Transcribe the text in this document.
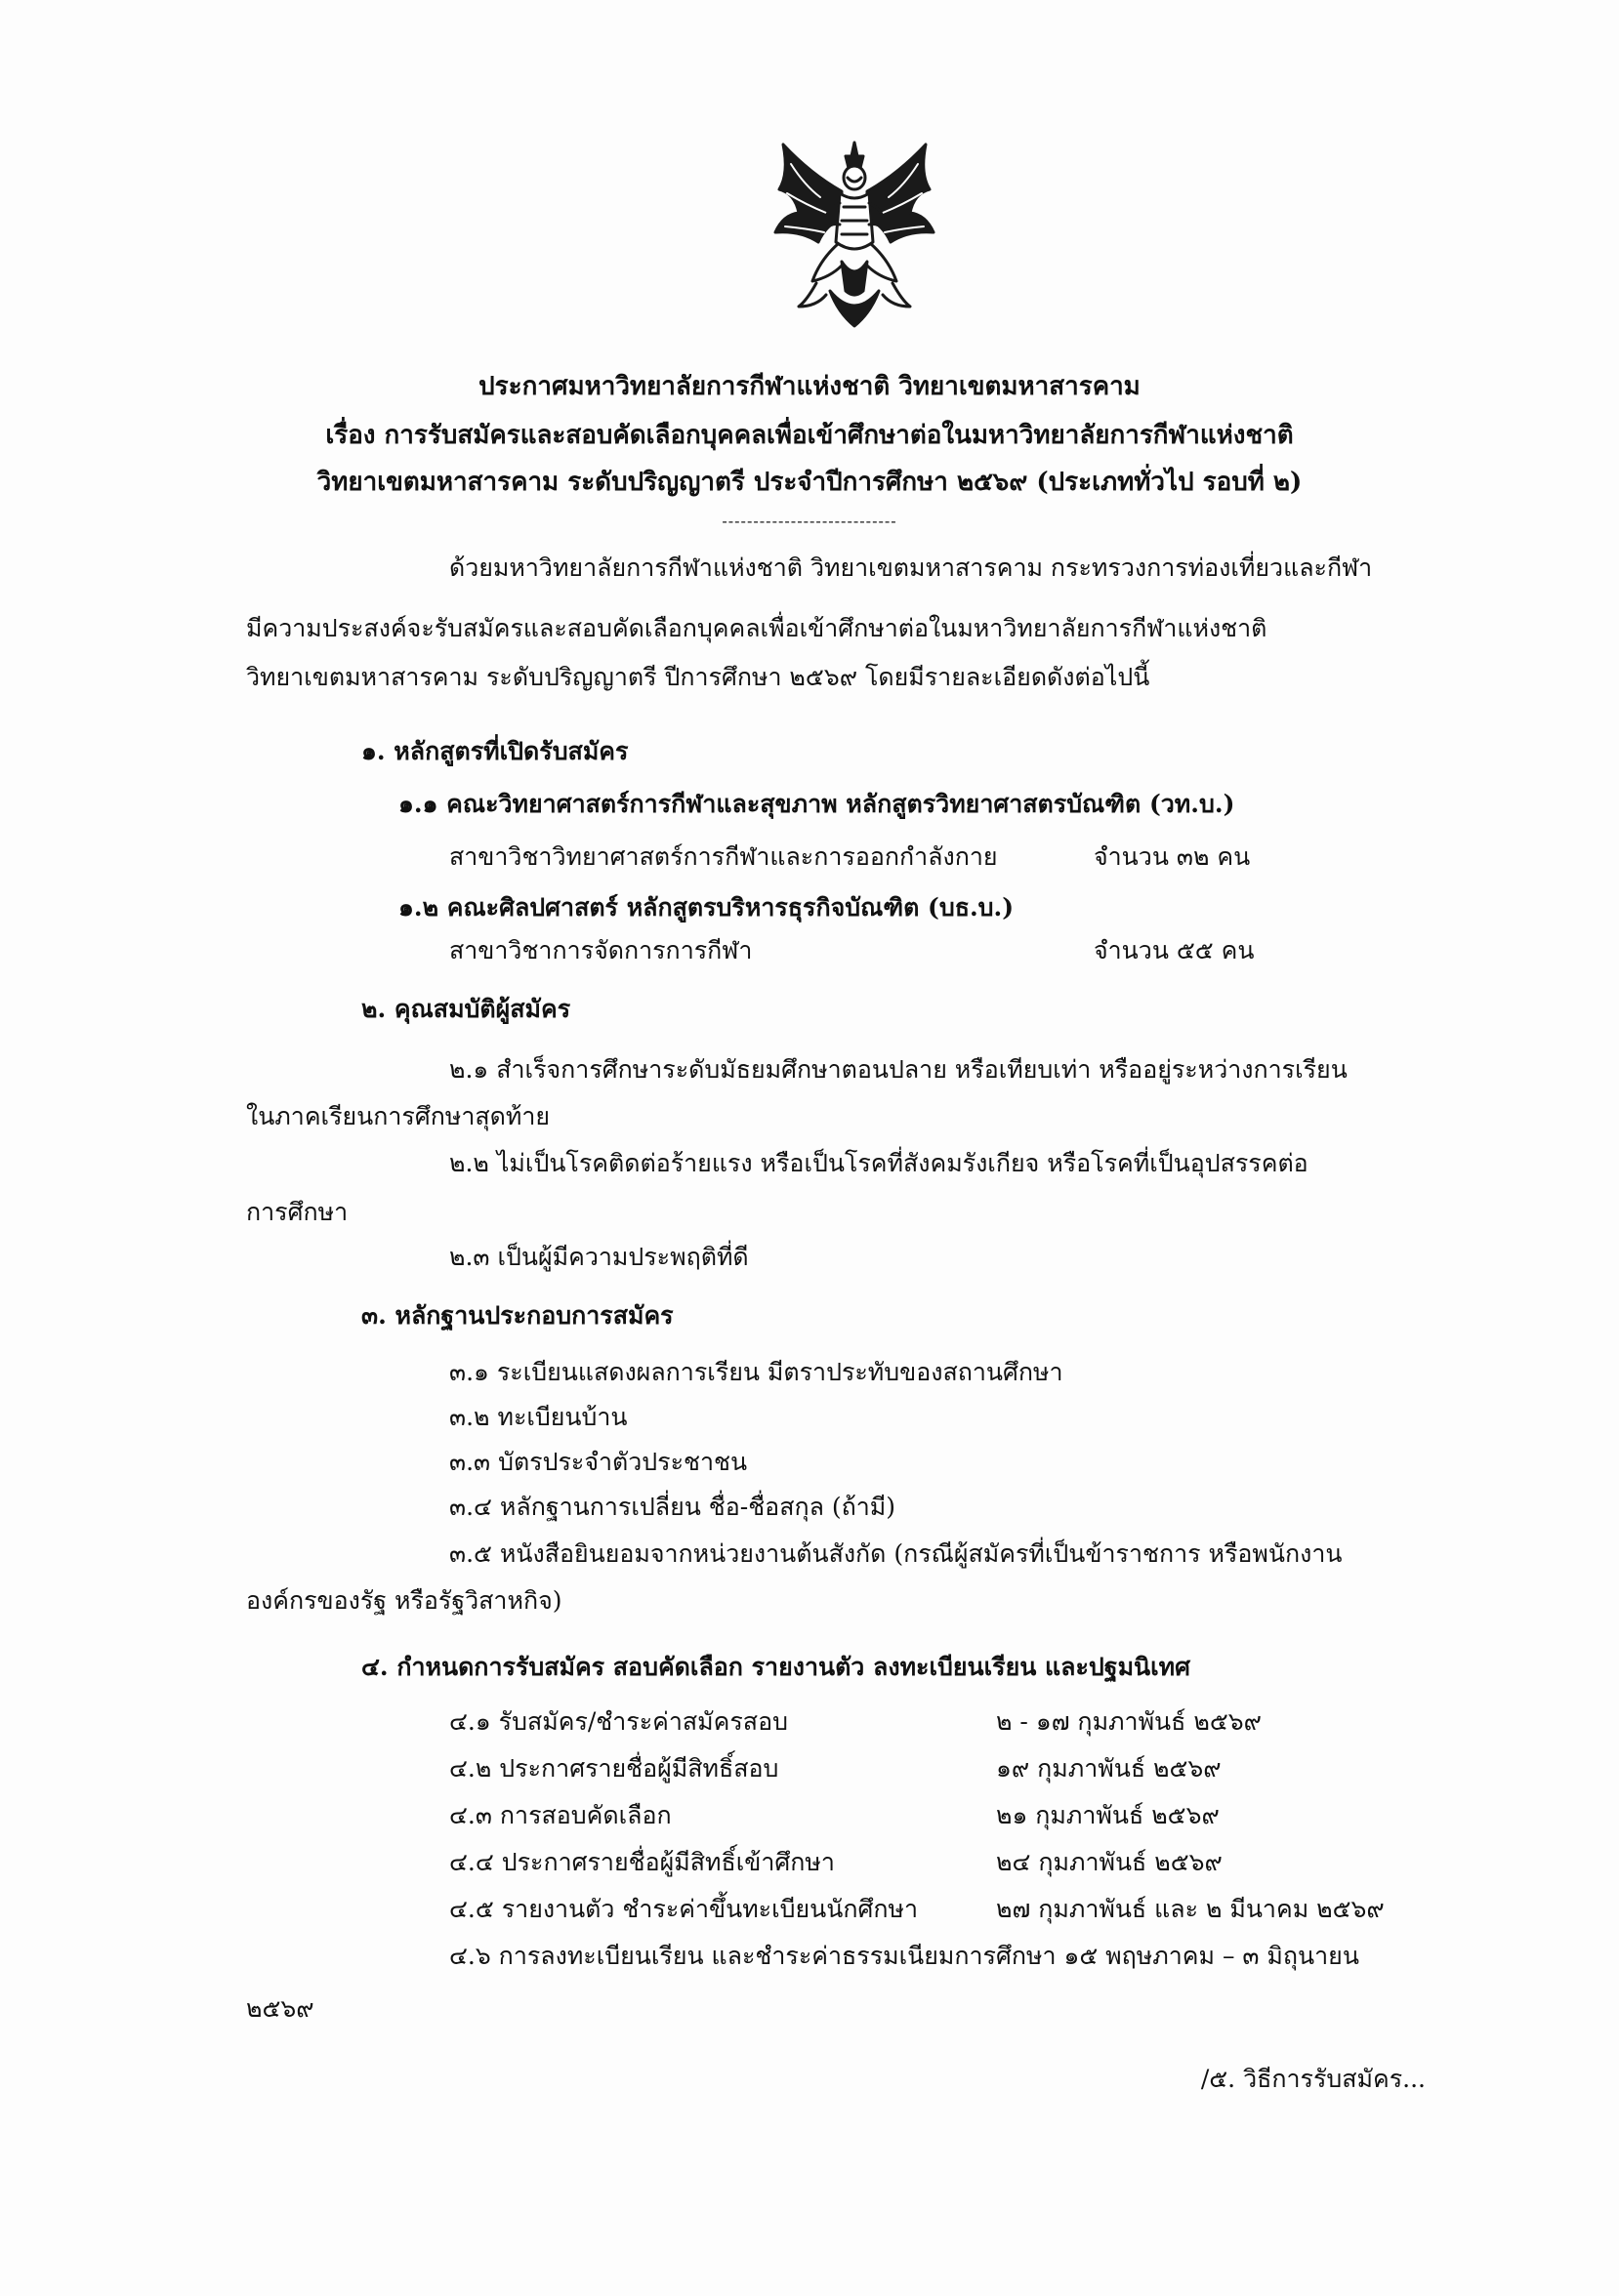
ประกาศมหาวิทยาลัยการกีฬาแห่งชาติ วิทยาเขตมหาสารคาม
เรื่อง การรับสมัครและสอบคัดเลือกบุคคลเพื่อเข้าศึกษาต่อในมหาวิทยาลัยการกีฬาแห่งชาติ
วิทยาเขตมหาสารคาม ระดับปริญญาตรี ประจำปีการศึกษา ๒๕๖๙ (ประเภททั่วไป รอบที่ ๒)
----------------------------
ด้วยมหาวิทยาลัยการกีฬาแห่งชาติ วิทยาเขตมหาสารคาม กระทรวงการท่องเที่ยวและกีฬา
มีความประสงค์จะรับสมัครและสอบคัดเลือกบุคคลเพื่อเข้าศึกษาต่อในมหาวิทยาลัยการกีฬาแห่งชาติ
วิทยาเขตมหาสารคาม ระดับปริญญาตรี ปีการศึกษา ๒๕๖๙ โดยมีรายละเอียดดังต่อไปนี้
๑. หลักสูตรที่เปิดรับสมัคร
๑.๑ คณะวิทยาศาสตร์การกีฬาและสุขภาพ หลักสูตรวิทยาศาสตรบัณฑิต (วท.บ.)
สาขาวิชาวิทยาศาสตร์การกีฬาและการออกกำลังกาย	จำนวน ๓๒ คน
๑.๒ คณะศิลปศาสตร์ หลักสูตรบริหารธุรกิจบัณฑิต (บธ.บ.)
สาขาวิชาการจัดการการกีฬา	จำนวน ๕๕ คน
๒. คุณสมบัติผู้สมัคร
๒.๑ สำเร็จการศึกษาระดับมัธยมศึกษาตอนปลาย หรือเทียบเท่า หรืออยู่ระหว่างการเรียน
ในภาคเรียนการศึกษาสุดท้าย
๒.๒ ไม่เป็นโรคติดต่อร้ายแรง หรือเป็นโรคที่สังคมรังเกียจ หรือโรคที่เป็นอุปสรรคต่อ
การศึกษา
๒.๓ เป็นผู้มีความประพฤติที่ดี
๓. หลักฐานประกอบการสมัคร
๓.๑ ระเบียนแสดงผลการเรียน มีตราประทับของสถานศึกษา
๓.๒ ทะเบียนบ้าน
๓.๓ บัตรประจำตัวประชาชน
๓.๔ หลักฐานการเปลี่ยน ชื่อ-ชื่อสกุล (ถ้ามี)
๓.๕ หนังสือยินยอมจากหน่วยงานต้นสังกัด (กรณีผู้สมัครที่เป็นข้าราชการ หรือพนักงาน
องค์กรของรัฐ หรือรัฐวิสาหกิจ)
๔. กำหนดการรับสมัคร สอบคัดเลือก รายงานตัว ลงทะเบียนเรียน และปฐมนิเทศ
๔.๑ รับสมัคร/ชำระค่าสมัครสอบ	๒ - ๑๗ กุมภาพันธ์ ๒๕๖๙
๔.๒ ประกาศรายชื่อผู้มีสิทธิ์สอบ	๑๙ กุมภาพันธ์ ๒๕๖๙
๔.๓ การสอบคัดเลือก	๒๑ กุมภาพันธ์ ๒๕๖๙
๔.๔ ประกาศรายชื่อผู้มีสิทธิ์เข้าศึกษา	๒๔ กุมภาพันธ์ ๒๕๖๙
๔.๕ รายงานตัว ชำระค่าขึ้นทะเบียนนักศึกษา	๒๗ กุมภาพันธ์ และ ๒ มีนาคม ๒๕๖๙
๔.๖ การลงทะเบียนเรียน และชำระค่าธรรมเนียมการศึกษา ๑๕ พฤษภาคม – ๓ มิถุนายน
๒๕๖๙
/๕. วิธีการรับสมัคร...
